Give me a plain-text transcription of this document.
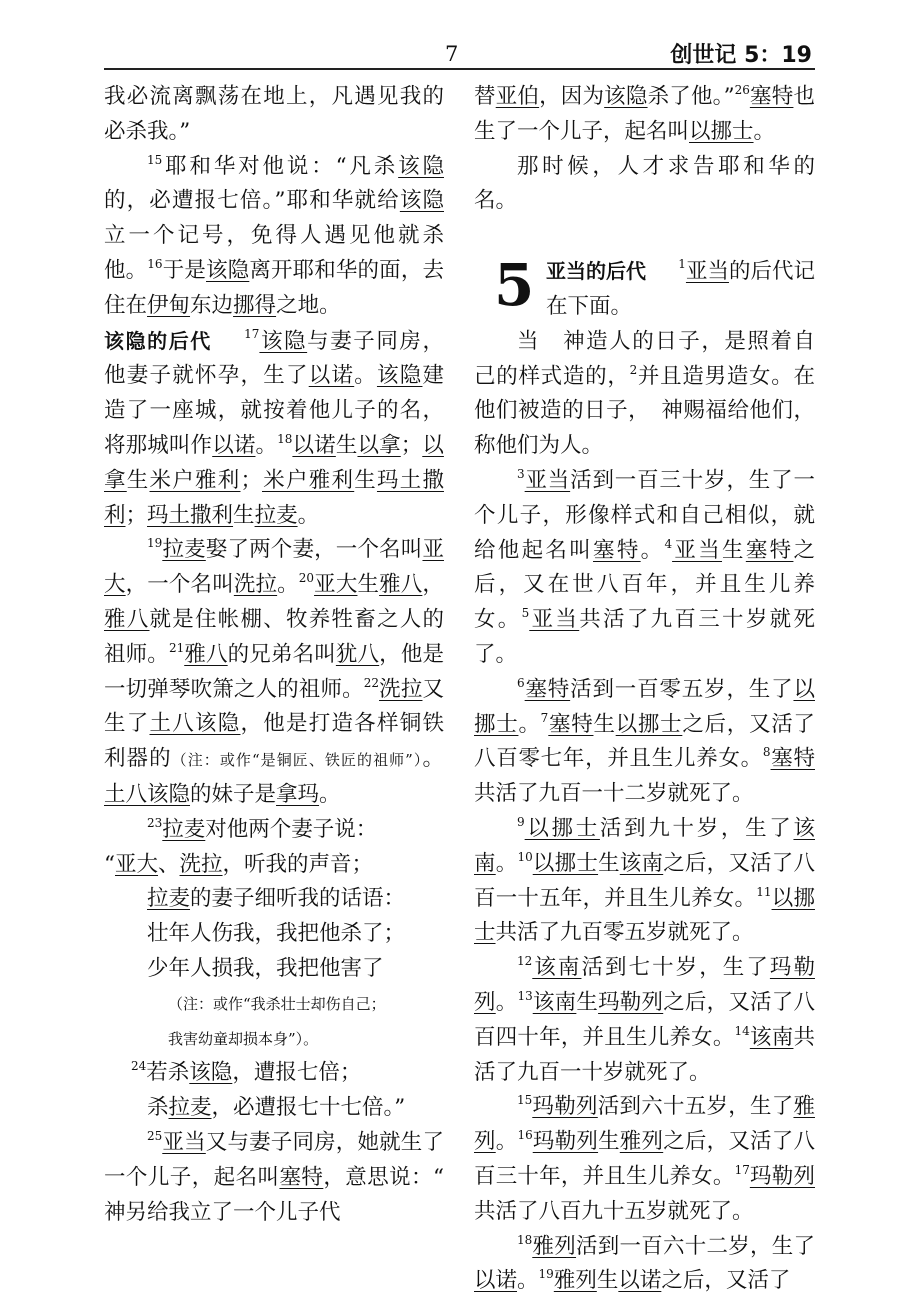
7	创世记 5：19

我必流离飘荡在地上，凡遇见我的必杀我。”

$^{15}$耶和华对他说：“凡杀该隐的，必遭报七倍。”耶和华就给该隐立一个记号，免得人遇见他就杀他。$^{16}$于是该隐离开耶和华的面，去住在伊甸东边挪得之地。

该隐的后代  	$^{17}$该隐与妻子同房，他妻子就怀孕，生了以诺。该隐建造了一座城，就按着他儿子的名，将那城叫作以诺。$^{18}$以诺生以拿；以拿生米户雅利；米户雅利生玛土撒利；玛土撒利生拉麦。

$^{19}$拉麦娶了两个妻，一个名叫亚大，一个名叫洗拉。$^{20}$亚大生雅八，雅八就是住帐棚、牧养牲畜之人的祖师。$^{21}$雅八的兄弟名叫犹八，他是一切弹琴吹箫之人的祖师。$^{22}$洗拉又生了土八该隐，他是打造各样铜铁利器的（注：或作“是铜匠、铁匠的祖师”）。土八该隐的妹子是拿玛。

$^{23}$拉麦对他两个妻子说：

“亚大、洗拉，听我的声音；

拉麦的妻子细听我的话语：

壮年人伤我，我把他杀了；

少年人损我，我把他害了

（注：或作“我杀壮士却伤自己；

我害幼童却损本身”）。

$^{24}$若杀该隐，遭报七倍；

杀拉麦，必遭报七十七倍。”

$^{25}$亚当又与妻子同房，她就生了一个儿子，起名叫塞特，意思说：“　神另给我立了一个儿子代

替亚伯，因为该隐杀了他。”$^{26}$塞特也生了一个儿子，起名叫以挪士。

那时候，人才求告耶和华的名。

5 亚当的后代  	$^1$亚当的后代记在下面。

当　神造人的日子，是照着自己的样式造的，$^2$并且造男造女。在他们被造的日子，　神赐福给他们，称他们为人。

$^3$亚当活到一百三十岁，生了一个儿子，形像样式和自己相似，就给他起名叫塞特。$^4$亚当生塞特之后，又在世八百年，并且生儿养女。$^5$亚当共活了九百三十岁就死了。

$^6$塞特活到一百零五岁，生了以挪士。$^7$塞特生以挪士之后，又活了八百零七年，并且生儿养女。$^8$塞特共活了九百一十二岁就死了。

$^9$以挪士活到九十岁，生了该南。$^{10}$以挪士生该南之后，又活了八百一十五年，并且生儿养女。$^{11}$以挪士共活了九百零五岁就死了。

$^{12}$该南活到七十岁，生了玛勒列。$^{13}$该南生玛勒列之后，又活了八百四十年，并且生儿养女。$^{14}$该南共活了九百一十岁就死了。

$^{15}$玛勒列活到六十五岁，生了雅列。$^{16}$玛勒列生雅列之后，又活了八百三十年，并且生儿养女。$^{17}$玛勒列共活了八百九十五岁就死了。

$^{18}$雅列活到一百六十二岁，生了以诺。$^{19}$雅列生以诺之后，又活了
